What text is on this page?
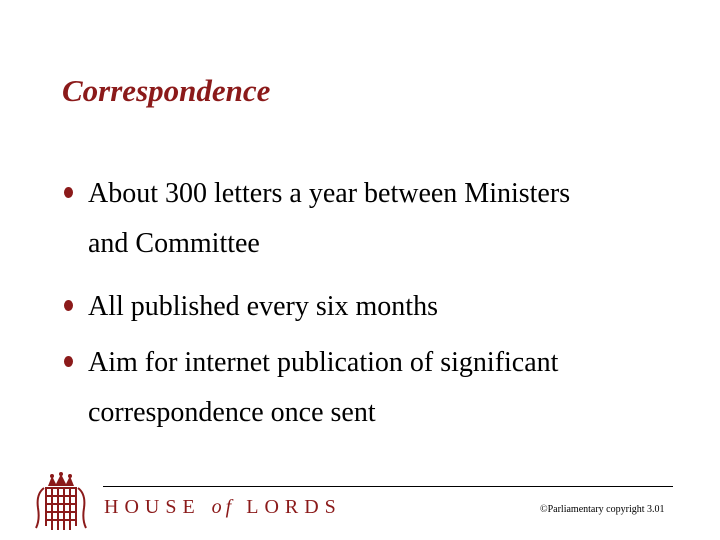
Correspondence
About 300 letters a year between Ministers
and Committee
All published every six months
Aim for internet publication of significant
correspondence once sent
HOUSE of LORDS	©Parliamentary copyright 3.01
